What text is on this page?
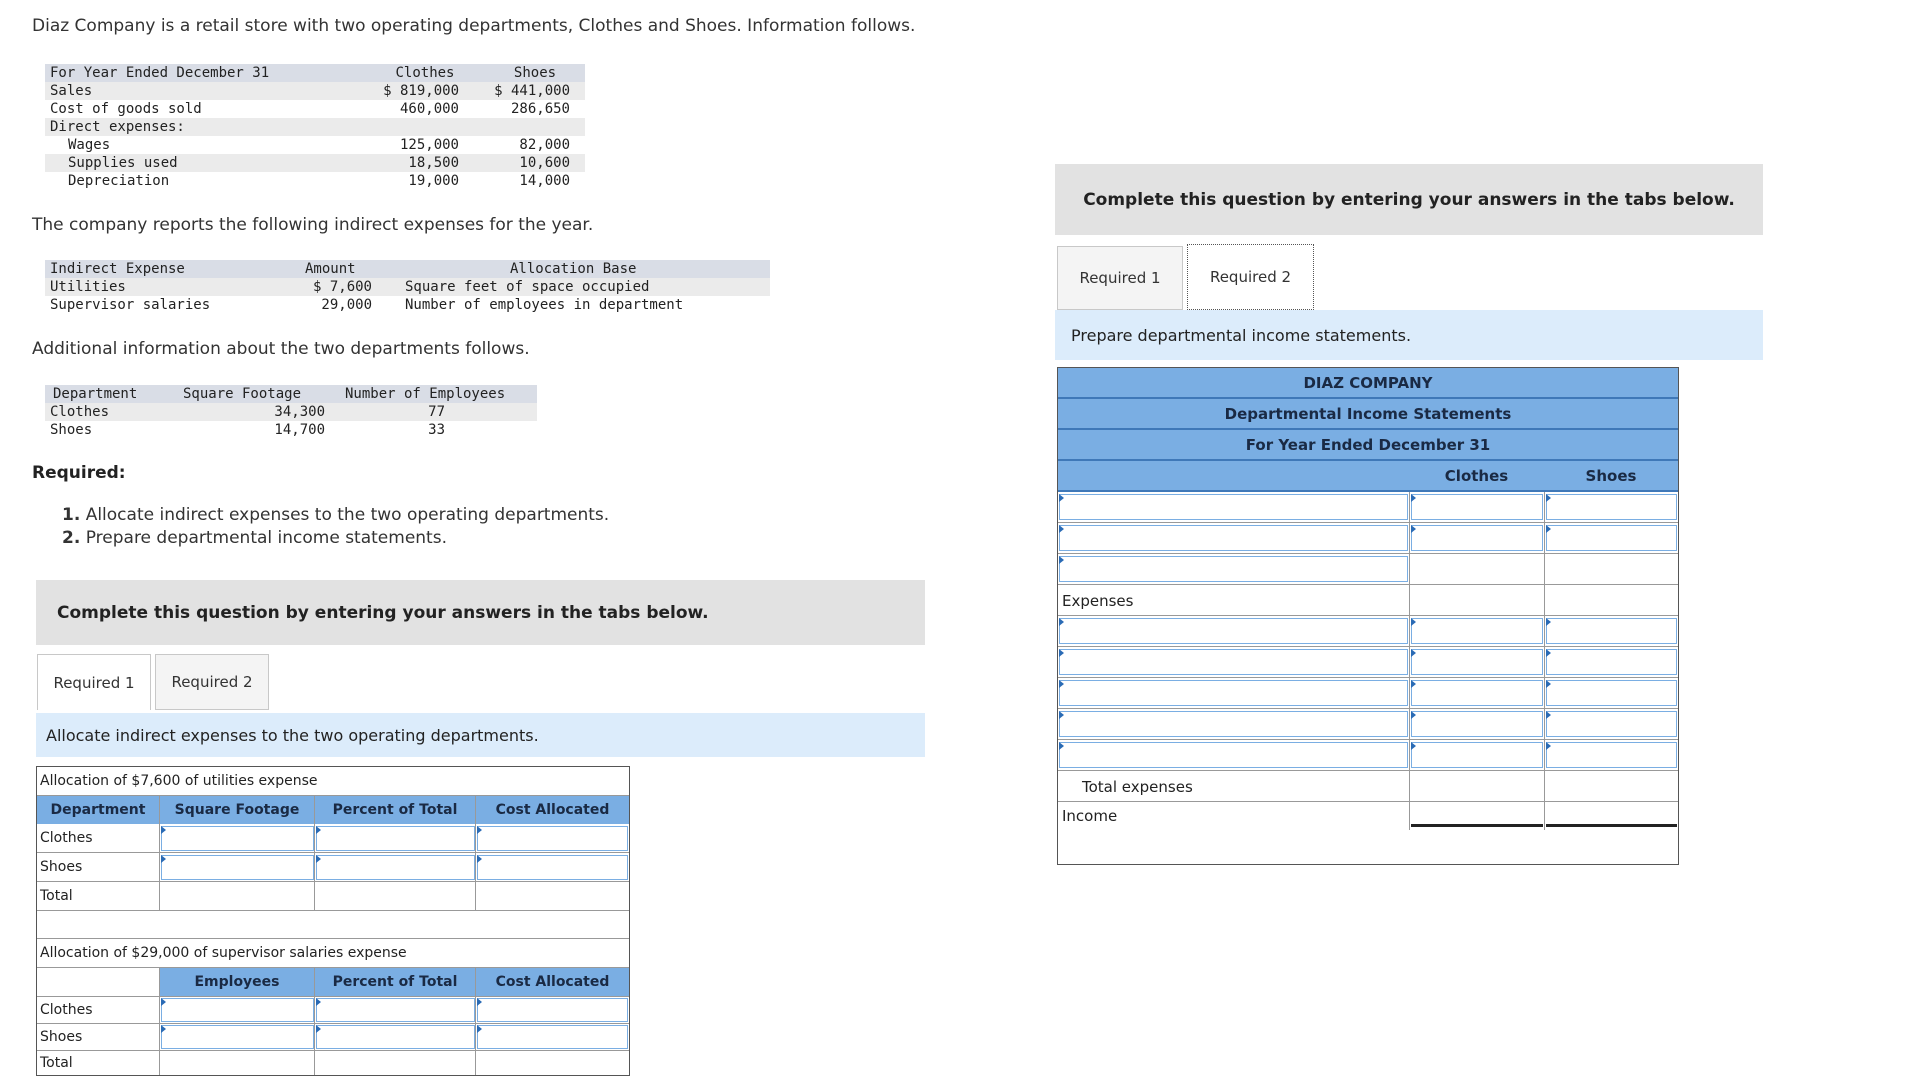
Diaz Company is a retail store with two operating departments, Clothes and Shoes. Information follows.
For Year Ended December 31	Clothes	Shoes
Sales	$ 819,000	$ 441,000
Cost of goods sold	460,000	286,650
Direct expenses:
Wages	125,000	82,000
Supplies used	18,500	10,600
Depreciation	19,000	14,000
The company reports the following indirect expenses for the year.
Indirect Expense	Amount	Allocation Base
Utilities	$ 7,600 Square feet of space occupied
Supervisor salaries	29,000 Number of employees in department
Additional information about the two departments follows.
Department	Square Footage	Number of Employees
Clothes	34,300	77
Shoes	14,700	33
Required:
1. Allocate indirect expenses to the two operating departments.
2. Prepare departmental income statements.
Complete this question by entering your answers in the tabs below.
Required 1	Required 2
Allocate indirect expenses to the two operating departments.
Allocation of $7,600 of utilities expense
Department	Square Footage	Percent of Total	Cost Allocated
Clothes
Shoes
Total
Allocation of $29,000 of supervisor salaries expense
Employees	Percent of Total	Cost Allocated
Clothes
Shoes
Total
Complete this question by entering your answers in the tabs below.
Required 1	Required 2
Prepare departmental income statements.
DIAZ COMPANY
Departmental Income Statements
For Year Ended December 31
Clothes	Shoes
Expenses
Total expenses
Income
